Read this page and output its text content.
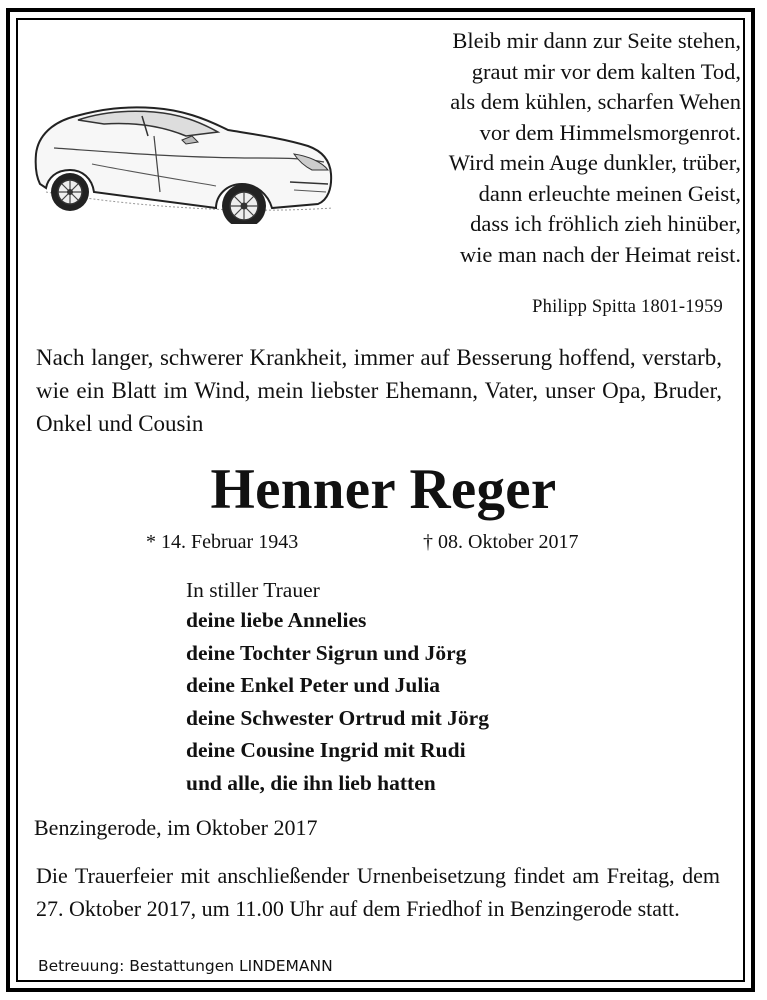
Bleib mir dann zur Seite stehen,
graut mir vor dem kalten Tod,
als dem kühlen, scharfen Wehen
vor dem Himmelsmorgenrot.
Wird mein Auge dunkler, trüber,
dann erleuchte meinen Geist,
dass ich fröhlich zieh hinüber,
wie man nach der Heimat reist.
Philipp Spitta 1801-1959
Nach langer, schwerer Krankheit, immer auf Besserung hoffend, verstarb, wie ein Blatt im Wind, mein liebster Ehemann, Vater, unser Opa, Bruder, Onkel und Cousin
Henner Reger
* 14. Februar 1943	† 08. Oktober 2017
In stiller Trauer
deine liebe Annelies
deine Tochter Sigrun und Jörg
deine Enkel Peter und Julia
deine Schwester Ortrud mit Jörg
deine Cousine Ingrid mit Rudi
und alle, die ihn lieb hatten
Benzingerode, im Oktober 2017
Die Trauerfeier mit anschließender Urnenbeisetzung findet am Freitag, dem 27. Oktober 2017, um 11.00 Uhr auf dem Friedhof in Benzingerode statt.
Betreuung: Bestattungen LINDEMANN
